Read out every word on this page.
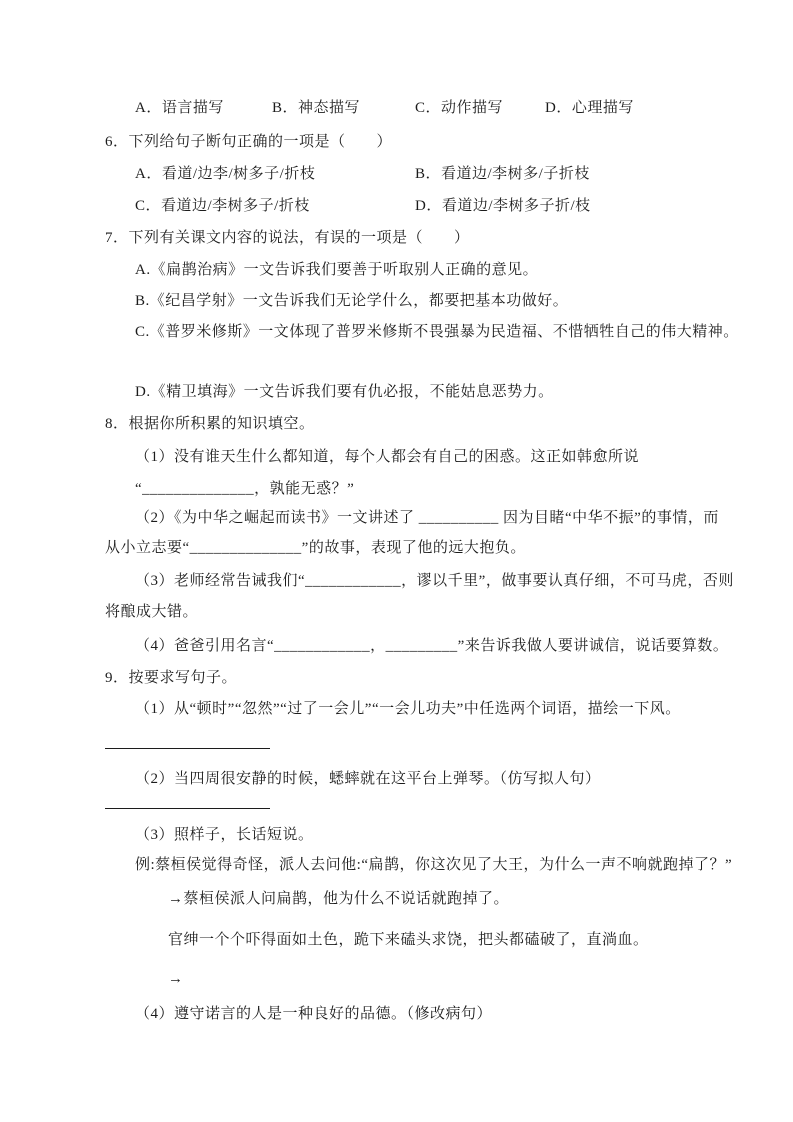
A．语言描写	B．神态描写	C．动作描写	D．心理描写
6．下列给句子断句正确的一项是（　　）
A．看道/边李/树多子/折枝	B．看道边/李树多/子折枝
C．看道边/李树多子/折枝	D．看道边/李树多子折/枝
7．下列有关课文内容的说法，有误的一项是（　　）
A.《扁鹊治病》一文告诉我们要善于听取别人正确的意见。
B.《纪昌学射》一文告诉我们无论学什么，都要把基本功做好。
C.《普罗米修斯》一文体现了普罗米修斯不畏强暴为民造福、不惜牺牲自己的伟大精神。
D.《精卫填海》一文告诉我们要有仇必报，不能姑息恶势力。
8．根据你所积累的知识填空。
（1）没有谁天生什么都知道，每个人都会有自己的困惑。这正如韩愈所说
“______________，孰能无惑？”
（2）《为中华之崛起而读书》一文讲述了 __________ 因为目睹“中华不振”的事情，而
从小立志要“______________”的故事，表现了他的远大抱负。
（3）老师经常告诫我们“____________，谬以千里”，做事要认真仔细，不可马虎，否则
将酿成大错。
（4）爸爸引用名言“____________，_________”来告诉我做人要讲诚信，说话要算数。
9．按要求写句子。
（1）从“顿时”“忽然”“过了一会儿”“一会儿功夫”中任选两个词语，描绘一下风。
（2）当四周很安静的时候，蟋蟀就在这平台上弹琴。（仿写拟人句）
（3）照样子，长话短说。
例:蔡桓侯觉得奇怪，派人去问他:“扁鹊，你这次见了大王，为什么一声不响就跑掉了？”
→蔡桓侯派人问扁鹊，他为什么不说话就跑掉了。
官绅一个个吓得面如土色，跪下来磕头求饶，把头都磕破了，直淌血。
→
（4）遵守诺言的人是一种良好的品德。（修改病句）
